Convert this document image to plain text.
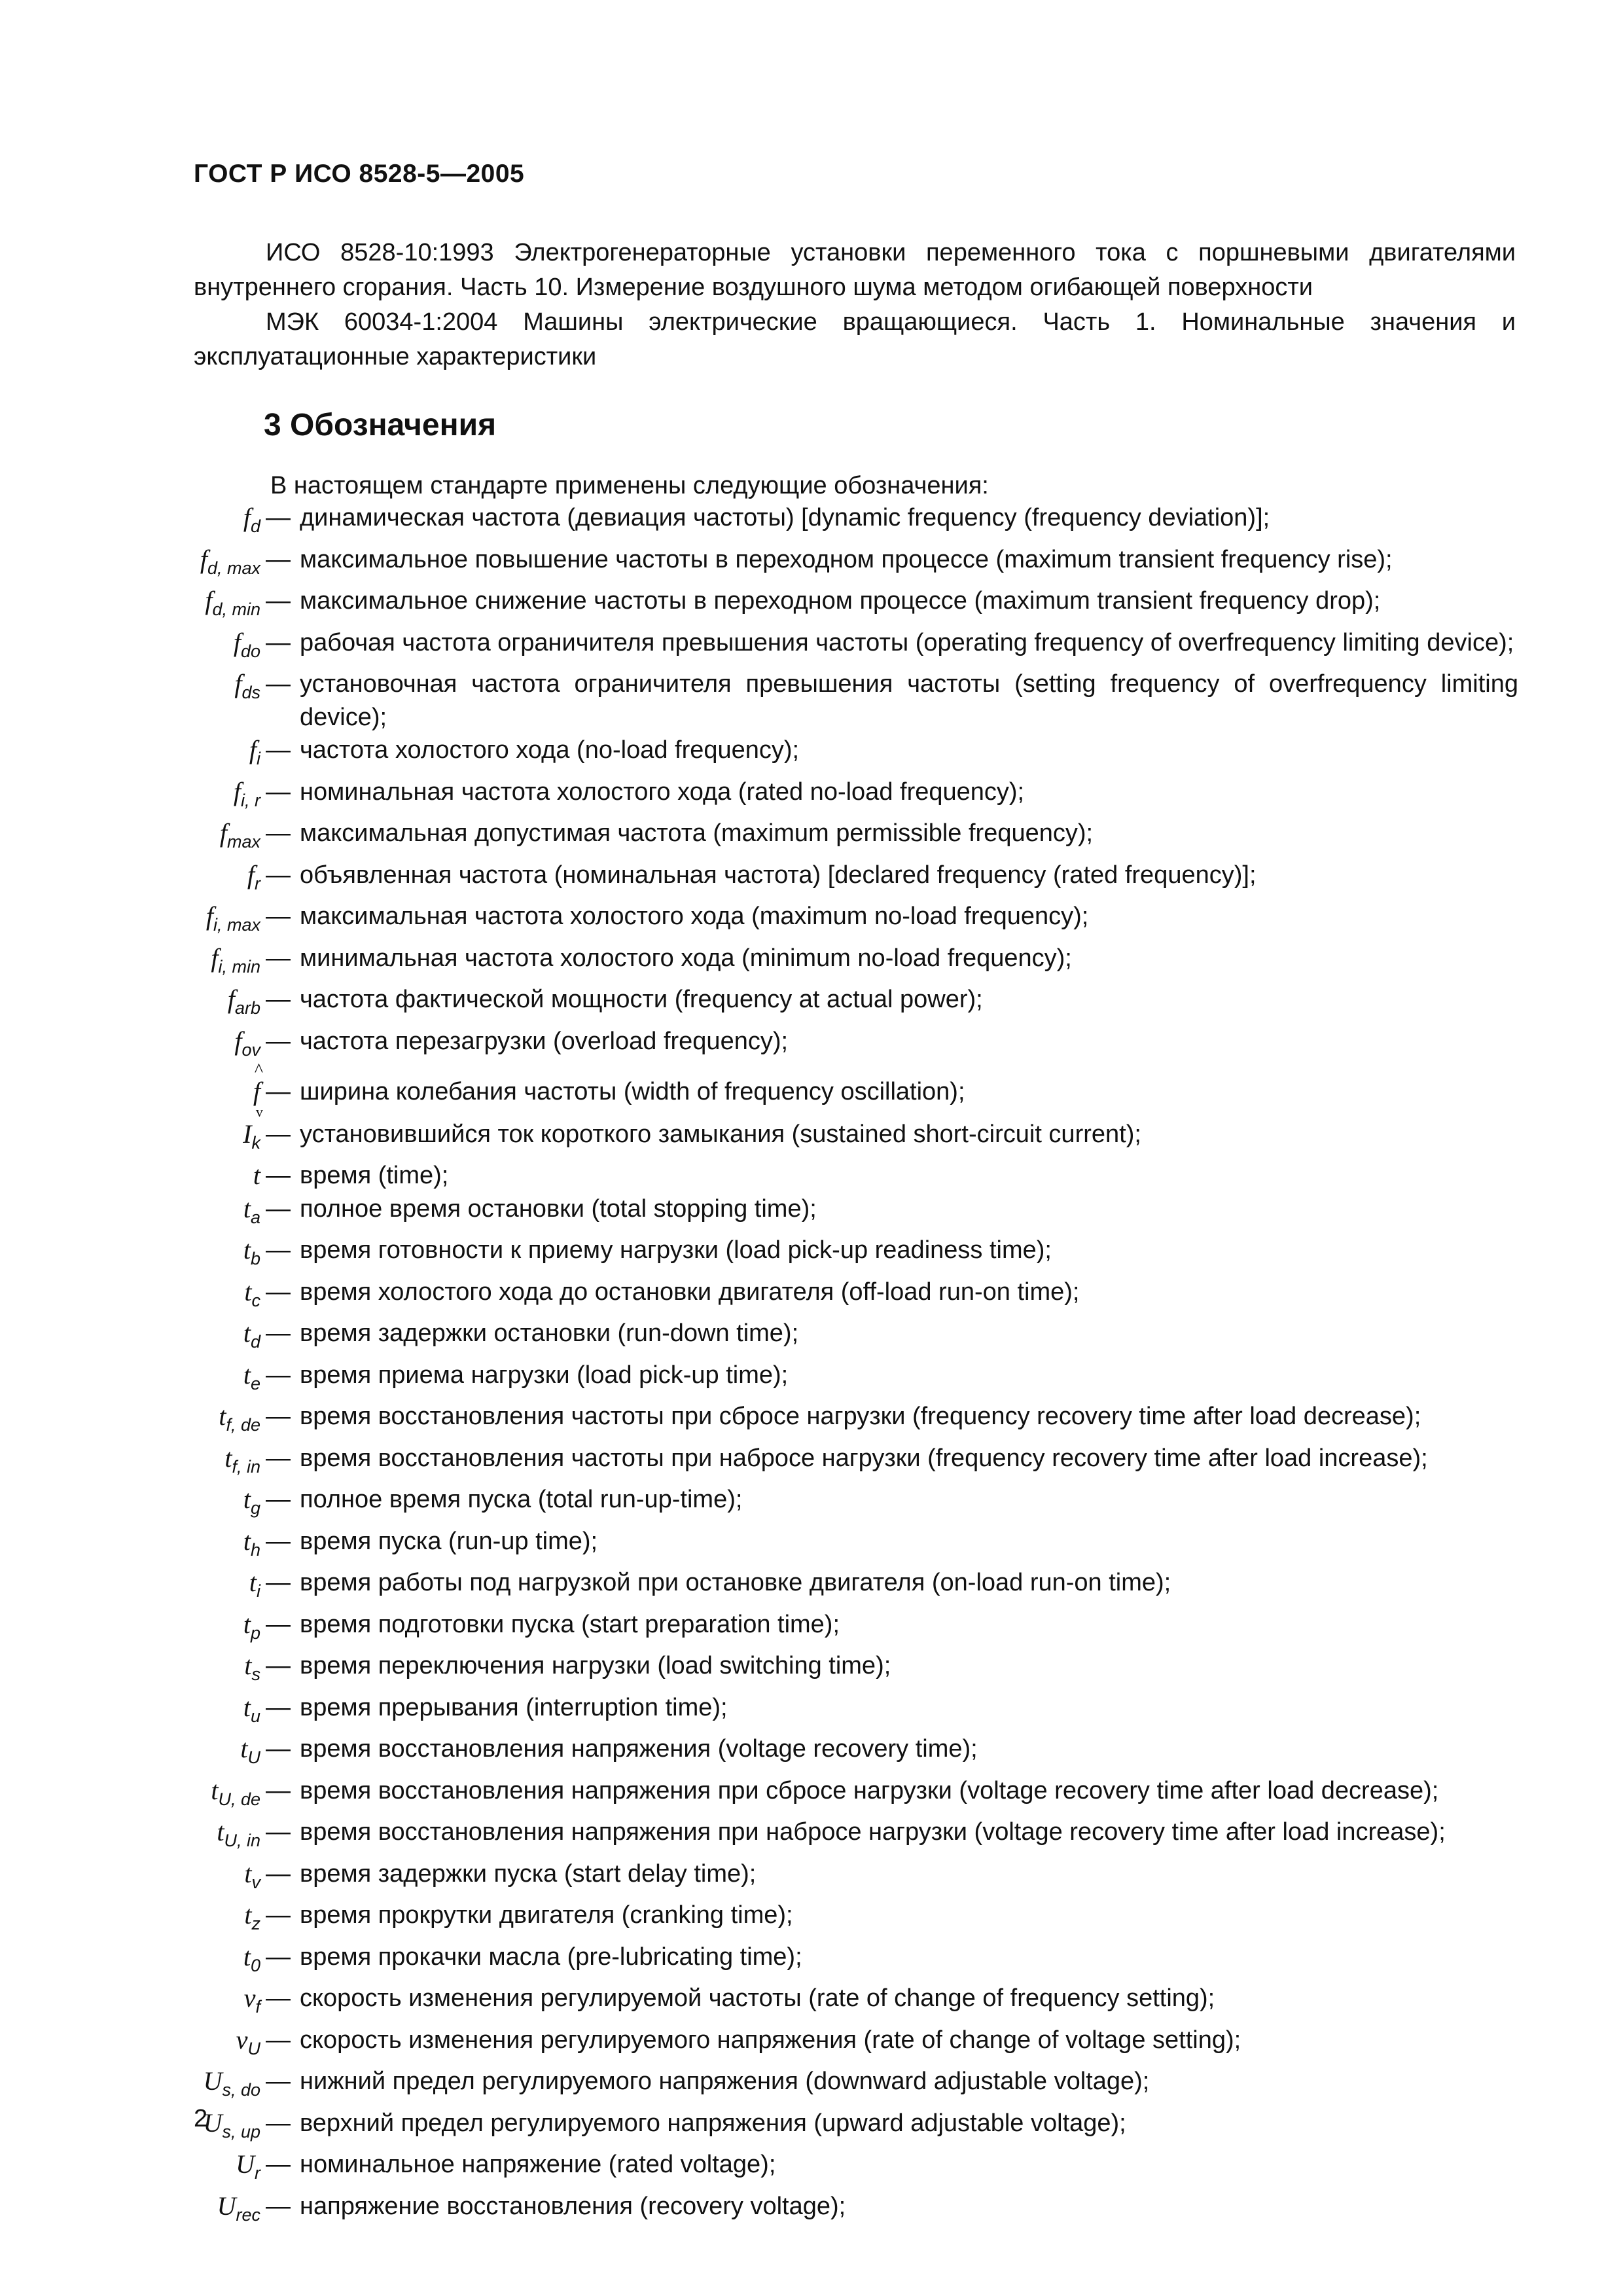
ГОСТ Р ИСО 8528-5—2005

ИСО 8528-10:1993 Электрогенераторные установки переменного тока с поршневыми двигателями внутреннего сгорания. Часть 10. Измерение воздушного шума методом огибающей поверхности

МЭК 60034-1:2004 Машины электрические вращающиеся. Часть 1. Номинальные значения и эксплуатационные характеристики

3 Обозначения
В настоящем стандарте применены следующие обозначения:
$f_d$ — динамическая частота (девиация частоты) [dynamic frequency (frequency deviation)];
$f_{d, max}$ — максимальное повышение частоты в переходном процессе (maximum transient frequency rise);
$f_{d, min}$ — максимальное снижение частоты в переходном процессе (maximum transient frequency drop);
$f_{do}$ — рабочая частота ограничителя превышения частоты (operating frequency of overfrequency limiting device);
$f_{ds}$ — установочная частота ограничителя превышения частоты (setting frequency of overfrequency limiting device);
$f_i$ — частота холостого хода (no-load frequency);
$f_{i, r}$ — номинальная частота холостого хода (rated no-load frequency);
$f_{max}$ — максимальная допустимая частота (maximum permissible frequency);
$f_r$ — объявленная частота (номинальная частота) [declared frequency (rated frequency)];
$f_{i, max}$ — максимальная частота холостого хода (maximum no-load frequency);
$f_{i, min}$ — минимальная частота холостого хода (minimum no-load frequency);
$f_{arb}$ — частота фактической мощности (frequency at actual power);
$f_{ov}$ — частота перезагрузки (overload frequency);
^ f v — ширина колебания частоты (width of frequency oscillation);
$I_k$ — установившийся ток короткого замыкания (sustained short-circuit current);
t — время (time);
$t_a$ — полное время остановки (total stopping time);
$t_b$ — время готовности к приему нагрузки (load pick-up readiness time);
$t_c$ — время холостого хода до остановки двигателя (off-load run-on time);
$t_d$ — время задержки остановки (run-down time);
$t_e$ — время приема нагрузки (load pick-up time);
$t_{f, de}$ — время восстановления частоты при сбросе нагрузки (frequency recovery time after load decrease);
$t_{f, in}$ — время восстановления частоты при набросе нагрузки (frequency recovery time after load increase);
$t_g$ — полное время пуска (total run-up-time);
$t_h$ — время пуска (run-up time);
$t_i$ — время работы под нагрузкой при остановке двигателя (on-load run-on time);
$t_p$ — время подготовки пуска (start preparation time);
$t_s$ — время переключения нагрузки (load switching time);
$t_u$ — время прерывания (interruption time);
$t_U$ — время восстановления напряжения (voltage recovery time);
$t_{U, de}$ — время восстановления напряжения при сбросе нагрузки (voltage recovery time after load decrease);
$t_{U, in}$ — время восстановления напряжения при набросе нагрузки (voltage recovery time after load increase);
$t_v$ — время задержки пуска (start delay time);
$t_z$ — время прокрутки двигателя (cranking time);
$t_0$ — время прокачки масла (pre-lubricating time);
$v_f$ — скорость изменения регулируемой частоты (rate of change of frequency setting);
$v_U$ — скорость изменения регулируемого напряжения (rate of change of voltage setting);
$U_{s, do}$ — нижний предел регулируемого напряжения (downward adjustable voltage);
$U_{s, up}$ — верхний предел регулируемого напряжения (upward adjustable voltage);
$U_r$ — номинальное напряжение (rated voltage);
$U_{rec}$ — напряжение восстановления (recovery voltage);
2
